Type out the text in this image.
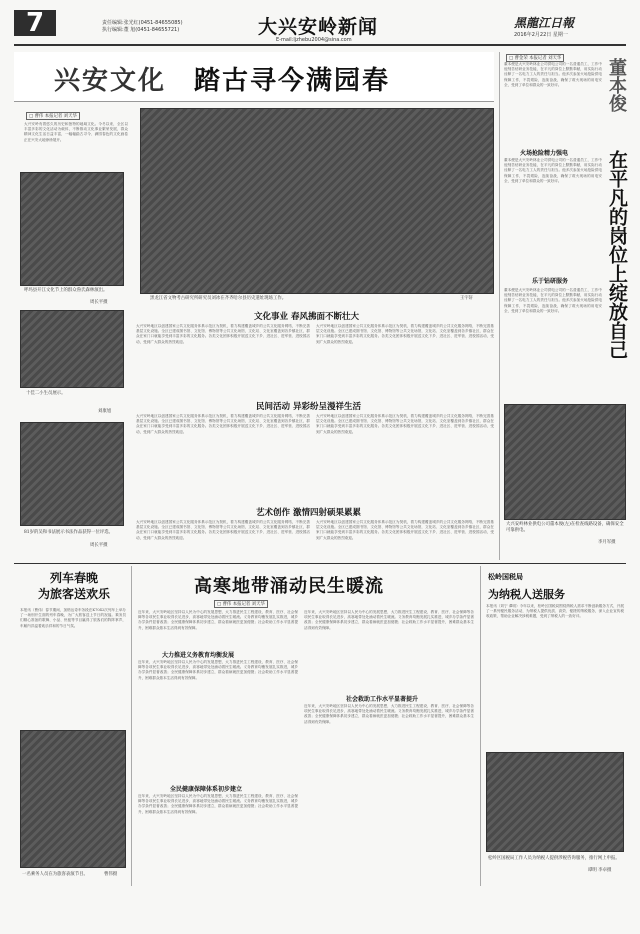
7	责任编辑:张光红(0451-84655085)
执行编辑:董 旭(0451-84655721)	大兴安岭新闻
E-mail:ljzhebu2004@sina.com
黑龍江日報
2016年2月22日 星期一
兴安文化 踏古寻今满园春
□ 曹伟 本报记者 刘天华
大兴安岭有着悠久的历史和独特的地域文化。今冬以来，全区以丰富多彩的文化活动为载体，不断推动文化事业繁荣发展，群众精神文化生活日益丰富，一幅幅踏古寻今、满园春色的文化画卷正在兴安大地徐徐展开。
呼玛县开江文化节上的群众鲁氏森林演出。
周长平摄
黑龙江省文物考古研究所研究员刘冰在齐齐哈尔县历史遗址现场工作。	王宇轩
十佳二小生员展示。
刘康旭
81岁的吴和书法展示书法作品获得一位评选。
周长平摄
文化事业 春风拂面不断壮大
大兴安岭地区以创建国家公共文化服务体系示范区为契机，着力构建覆盖城乡的公共文化服务网络，不断完善基层文化设施。全区已建成图书馆、文化馆、博物馆等公共文化场馆，文化站、文化室覆盖到各乡镇社区，群众在家门口就能享受到丰富多彩的文化服务。各类文化团体积极开展送文化下乡、进社区、进军营、进校园活动，受到广大群众的热烈欢迎。
大兴安岭地区以创建国家公共文化服务体系示范区为契机，着力构建覆盖城乡的公共文化服务网络，不断完善基层文化设施。全区已建成图书馆、文化馆、博物馆等公共文化场馆，文化站、文化室覆盖到各乡镇社区，群众在家门口就能享受到丰富多彩的文化服务。各类文化团体积极开展送文化下乡、进社区、进军营、进校园活动，受到广大群众的热烈欢迎。
民间活动 异彩纷呈漫祥生活
大兴安岭地区以创建国家公共文化服务体系示范区为契机，着力构建覆盖城乡的公共文化服务网络，不断完善基层文化设施。全区已建成图书馆、文化馆、博物馆等公共文化场馆，文化站、文化室覆盖到各乡镇社区，群众在家门口就能享受到丰富多彩的文化服务。各类文化团体积极开展送文化下乡、进社区、进军营、进校园活动，受到广大群众的热烈欢迎。
大兴安岭地区以创建国家公共文化服务体系示范区为契机，着力构建覆盖城乡的公共文化服务网络，不断完善基层文化设施。全区已建成图书馆、文化馆、博物馆等公共文化场馆，文化站、文化室覆盖到各乡镇社区，群众在家门口就能享受到丰富多彩的文化服务。各类文化团体积极开展送文化下乡、进社区、进军营、进校园活动，受到广大群众的热烈欢迎。
艺术创作 激情四射硕果累累
大兴安岭地区以创建国家公共文化服务体系示范区为契机，着力构建覆盖城乡的公共文化服务网络，不断完善基层文化设施。全区已建成图书馆、文化馆、博物馆等公共文化场馆，文化站、文化室覆盖到各乡镇社区，群众在家门口就能享受到丰富多彩的文化服务。各类文化团体积极开展送文化下乡、进社区、进军营、进校园活动，受到广大群众的热烈欢迎。
大兴安岭地区以创建国家公共文化服务体系示范区为契机，着力构建覆盖城乡的公共文化服务网络，不断完善基层文化设施。全区已建成图书馆、文化馆、博物馆等公共文化场馆，文化站、文化室覆盖到各乡镇社区，群众在家门口就能享受到丰富多彩的文化服务。各类文化团体积极开展送文化下乡、进社区、进军营、进校园活动，受到广大群众的热烈欢迎。
□ 曹金荣 本报记者 刘天华
董本俊是大兴安岭林业公司供电公司的一名普通员工，工作中他刻苦钻研业务技能，在平凡的岗位上默默奉献，用实际行动诠释了一名电力工人的责任与担当。他多次参加火场抢险供电保障工作，不畏艰险，连续奋战，确保了救火现场的用电安全，受到了单位和群众的一致好评。
火场抢险精力强电
董本俊是大兴安岭林业公司供电公司的一名普通员工，工作中他刻苦钻研业务技能，在平凡的岗位上默默奉献，用实际行动诠释了一名电力工人的责任与担当。他多次参加火场抢险供电保障工作，不畏艰险，连续奋战，确保了救火现场的用电安全，受到了单位和群众的一致好评。
乐于钻研服务
董本俊是大兴安岭林业公司供电公司的一名普通员工，工作中他刻苦钻研业务技能，在平凡的岗位上默默奉献，用实际行动诠释了一名电力工人的责任与担当。他多次参加火场抢险供电保障工作，不畏艰险，连续奋战，确保了救火现场的用电安全，受到了单位和群众的一致好评。
董本俊
在平凡的岗位上绽放自己
大兴安岭林业供电公司董本俊(左)在检查线路设备，确保安全可靠供电。
李月军摄
列车春晚
为旅客送欢乐
本报讯（曹伟）春节期间，加格达奇车务段在K7042次列车上举办了一场别开生面的列车春晚，为广大旅客送上节日的祝福。乘务员们精心准备的歌舞、小品、快板等节目赢得了旅客们的阵阵掌声，车厢内洋溢着欢乐祥和的节日气氛。
一名乘务人员在为旅客表演节目。	曹伟摄
高寒地带涌动民生暖流
□ 曹伟 本报记者 刘天华
近年来，大兴安岭地区坚持以人民为中心的发展思想，大力推进民生工程建设，教育、医疗、社会保障等各项民生事业取得长足进步，高寒地带处处涌动着民生暖流。义务教育均衡发展扎实推进，城乡办学条件显著改善；全民健康保障体系初步建立，群众看病就医更加便捷；社会救助工作水平显著提升，困难群众基本生活得到有效保障。
大力推进义务教育均衡发展
近年来，大兴安岭地区坚持以人民为中心的发展思想，大力推进民生工程建设，教育、医疗、社会保障等各项民生事业取得长足进步，高寒地带处处涌动着民生暖流。义务教育均衡发展扎实推进，城乡办学条件显著改善；全民健康保障体系初步建立，群众看病就医更加便捷；社会救助工作水平显著提升，困难群众基本生活得到有效保障。
全民健康保障体系初步建立
近年来，大兴安岭地区坚持以人民为中心的发展思想，大力推进民生工程建设，教育、医疗、社会保障等各项民生事业取得长足进步，高寒地带处处涌动着民生暖流。义务教育均衡发展扎实推进，城乡办学条件显著改善；全民健康保障体系初步建立，群众看病就医更加便捷；社会救助工作水平显著提升，困难群众基本生活得到有效保障。
近年来，大兴安岭地区坚持以人民为中心的发展思想，大力推进民生工程建设，教育、医疗、社会保障等各项民生事业取得长足进步，高寒地带处处涌动着民生暖流。义务教育均衡发展扎实推进，城乡办学条件显著改善；全民健康保障体系初步建立，群众看病就医更加便捷；社会救助工作水平显著提升，困难群众基本生活得到有效保障。
社会救助工作水平显著提升
近年来，大兴安岭地区坚持以人民为中心的发展思想，大力推进民生工程建设，教育、医疗、社会保障等各项民生事业取得长足进步，高寒地带处处涌动着民生暖流。义务教育均衡发展扎实推进，城乡办学条件显著改善；全民健康保障体系初步建立，群众看病就医更加便捷；社会救助工作水平显著提升，困难群众基本生活得到有效保障。
松岭国税局
为纳税人送服务
本报讯（刘宁 谭明）今年以来，松岭区国税局围绕纳税人需求不断创新服务方式，开展了一系列便民服务活动，为纳税人提供优质、高效、便捷的纳税服务，深入企业宣传税收政策，帮助企业解决涉税难题，受到了纳税人的一致好评。
松岭区国税局工作人员为纳税人提供涉税咨询服务，推行网上申报。
谭明 李卓摄
